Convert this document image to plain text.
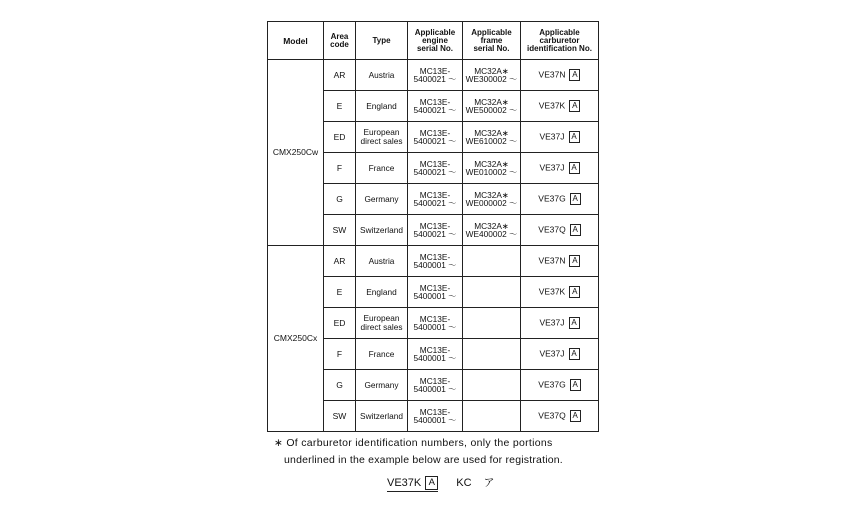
Model	Area
code	Type	Applicable
engine
serial No.	Applicable
frame
serial No.	Applicable
carburetor
identification No.

CMX250Cw	AR	Austria	MC13E-
5400021 ～	MC32A∗
WE300002 ～	VE37N A
	E	England	MC13E-
5400021 ～	MC32A∗
WE500002 ～	VE37K A
	ED	European
direct sales	MC13E-
5400021 ～	MC32A∗
WE610002 ～	VE37J A
	F	France	MC13E-
5400021 ～	MC32A∗
WE010002 ～	VE37J A
	G	Germany	MC13E-
5400021 ～	MC32A∗
WE000002 ～	VE37G A
	SW	Switzerland	MC13E-
5400021 ～	MC32A∗
WE400002 ～	VE37Q A
CMX250Cx	AR	Austria	MC13E-
5400001 ～		VE37N A
	E	England	MC13E-
5400001 ～		VE37K A
	ED	European
direct sales	MC13E-
5400001 ～		VE37J A
	F	France	MC13E-
5400001 ～		VE37J A
	G	Germany	MC13E-
5400001 ～		VE37G A
	SW	Switzerland	MC13E-
5400001 ～		VE37Q A
∗ Of carburetor identification numbers, only the portions
underlined in the example below are used for registration.
VE37K A KC ア
